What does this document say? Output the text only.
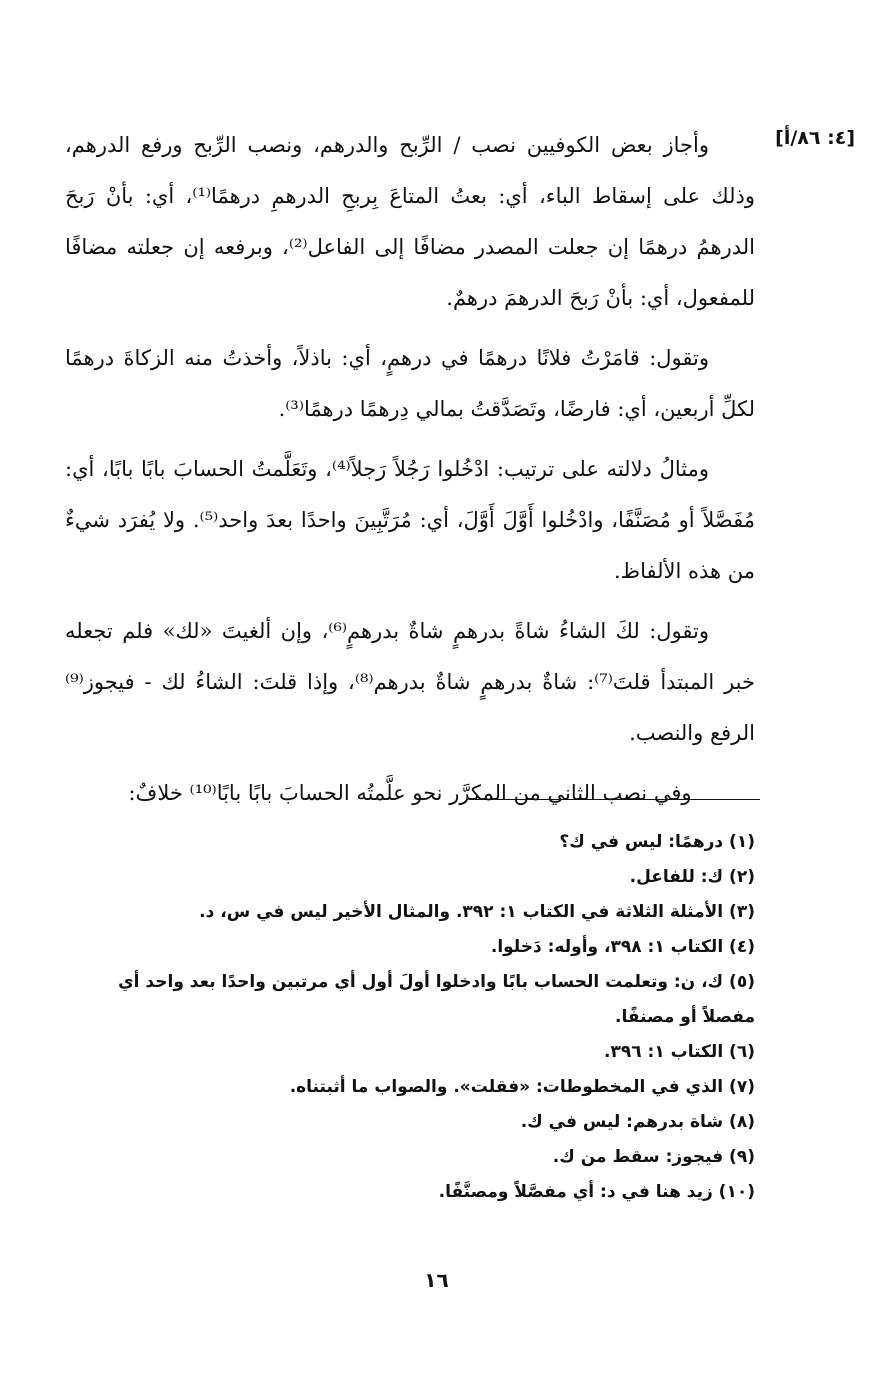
[٤: ٨٦/أ]

وأجاز بعض الكوفيين نصب / الرِّبح والدرهم، ونصب الرِّبح ورفع الدرهم، وذلك على إسقاط الباء، أي: بعتُ المتاعَ بِربحِ الدرهمِ درهمًا⁽¹⁾، أي: بأنْ رَبحَ الدرهمُ درهمًا إن جعلت المصدر مضافًا إلى الفاعل⁽²⁾، وبرفعه إن جعلته مضافًا للمفعول، أي: بأنْ رَبحَ الدرهمَ درهمٌ.

وتقول: قامَرْتُ فلانًا درهمًا في درهمٍ، أي: باذلاً، وأخذتُ منه الزكاةَ درهمًا لكلِّ أربعين، أي: فارضًا، وتَصَدَّقتُ بمالي دِرهمًا درهمًا⁽³⁾.

ومثالُ دلالته على ترتيب: ادْخُلوا رَجُلاً رَجلاً⁽⁴⁾، وتَعَلَّمتُ الحسابَ بابًا بابًا، أي: مُفَصَّلاً أو مُصَنَّفًا، وادْخُلوا أَوَّلَ أَوَّلَ، أي: مُرَتَّبِينَ واحدًا بعدَ واحد⁽⁵⁾. ولا يُفرَد شيءٌ من هذه الألفاظ.

وتقول: لكَ الشاءُ شاةً بدرهمٍ شاةٌ بدرهمٍ⁽⁶⁾، وإن ألغيتَ «لك» فلم تجعله خبر المبتدأ قلتَ⁽⁷⁾: شاةٌ بدرهمٍ شاةٌ بدرهم⁽⁸⁾، وإذا قلتَ: الشاءُ لك - فيجوز⁽⁹⁾ الرفع والنصب.

وفي نصب الثاني من المكرَّر نحو علَّمتُه الحسابَ بابًا بابًا⁽¹⁰⁾ خلافٌ:

(١) درهمًا: ليس في ك؟
(٢) ك: للفاعل.
(٣) الأمثلة الثلاثة في الكتاب ١: ٣٩٢. والمثال الأخير ليس في س، د.
(٤) الكتاب ١: ٣٩٨، وأوله: دَخلوا.
(٥) ك، ن: وتعلمت الحساب بابًا وادخلوا أولَ أول أي مرتبين واحدًا بعد واحد أي مفصلاً أو مصنفًا.
(٦) الكتاب ١: ٣٩٦.
(٧) الذي في المخطوطات: «فقلت». والصواب ما أثبتناه.
(٨) شاة بدرهم: ليس في ك.
(٩) فيجوز: سقط من ك.
(١٠) زيد هنا في د: أي مفصَّلاً ومصنَّفًا.
١٦
